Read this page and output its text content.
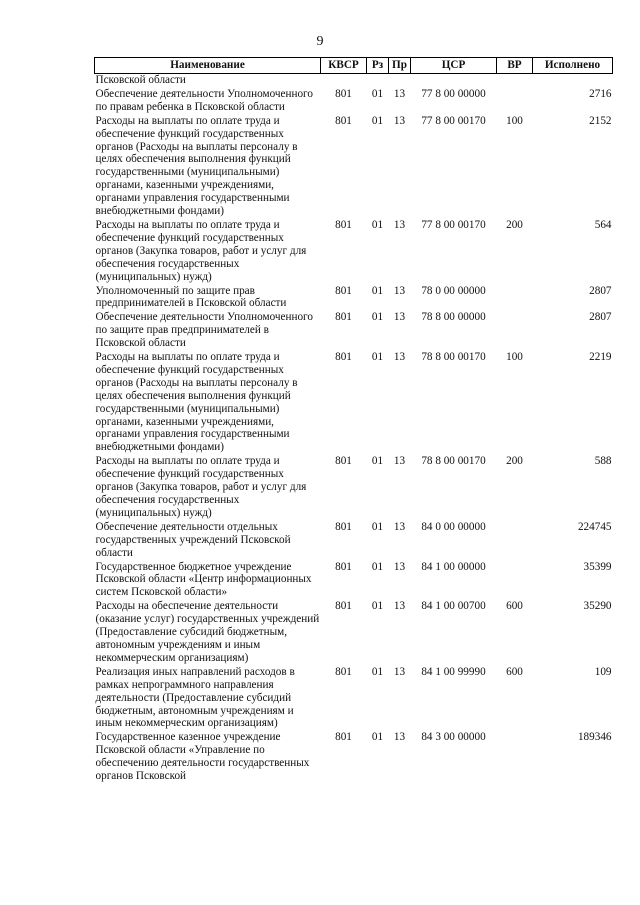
9
Наименование	КВСР	Рз	Пр	ЦСР	ВР	Исполнено
Псковской области						
Обеспечение деятельности Уполномоченного по правам ребенка в Псковской области	801	01	13	77 8 00 00000		2716
Расходы на выплаты по оплате труда и обеспечение функций государственных органов (Расходы на выплаты персоналу в целях обеспечения выполнения функций государственными (муниципальными) органами, казенными учреждениями, органами управления государственными внебюджетными фондами)	801	01	13	77 8 00 00170	100	2152
Расходы на выплаты по оплате труда и обеспечение функций государственных органов (Закупка товаров, работ и услуг для обеспечения государственных (муниципальных) нужд)	801	01	13	77 8 00 00170	200	564
Уполномоченный по защите прав предпринимателей в Псковской области	801	01	13	78 0 00 00000		2807
Обеспечение деятельности Уполномоченного по защите прав предпринимателей в Псковской области	801	01	13	78 8 00 00000		2807
Расходы на выплаты по оплате труда и обеспечение функций государственных органов (Расходы на выплаты персоналу в целях обеспечения выполнения функций государственными (муниципальными) органами, казенными учреждениями, органами управления государственными внебюджетными фондами)	801	01	13	78 8 00 00170	100	2219
Расходы на выплаты по оплате труда и обеспечение функций государственных органов (Закупка товаров, работ и услуг для обеспечения государственных (муниципальных) нужд)	801	01	13	78 8 00 00170	200	588
Обеспечение деятельности отдельных государственных учреждений Псковской области	801	01	13	84 0 00 00000		224745
Государственное бюджетное учреждение Псковской области «Центр информационных систем Псковской области»	801	01	13	84 1 00 00000		35399
Расходы на обеспечение деятельности (оказание услуг) государственных учреждений (Предоставление субсидий бюджетным, автономным учреждениям и иным некоммерческим организациям)	801	01	13	84 1 00 00700	600	35290
Реализация иных направлений расходов в рамках непрограммного направления деятельности (Предоставление субсидий бюджетным, автономным учреждениям и иным некоммерческим организациям)	801	01	13	84 1 00 99990	600	109
Государственное казенное учреждение Псковской области «Управление по обеспечению деятельности государственных органов Псковской	801	01	13	84 3 00 00000		189346
